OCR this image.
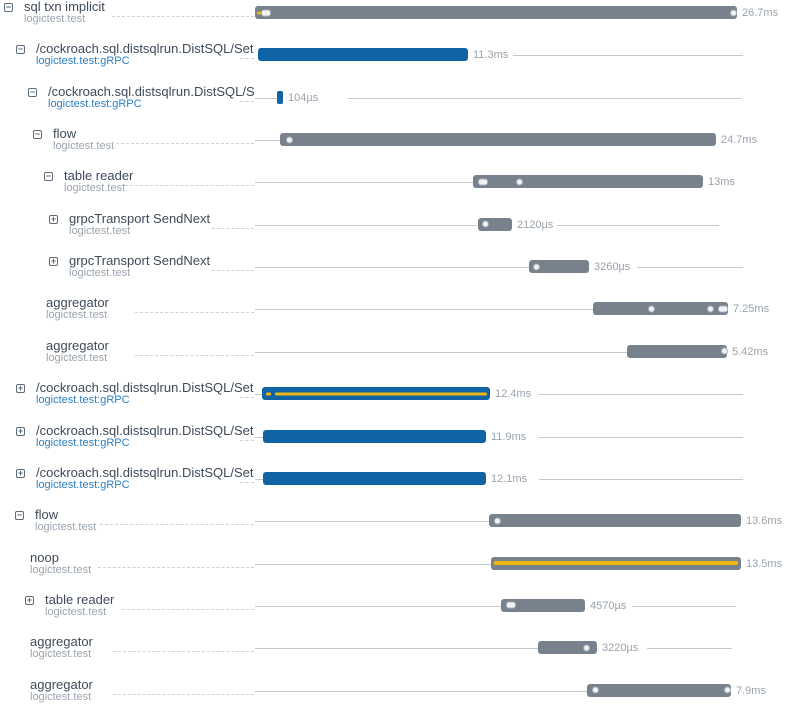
− sql txn implicit
logictest.test	26.7ms
− /cockroach.sql.distsqlrun.DistSQL/Set
logictest.test:gRPC	11.3ms
− /cockroach.sql.distsqlrun.DistSQL/S
logictest.test:gRPC	104µs
− flow
logictest.test	24.7ms
− table reader
logictest.test	13ms
+ grpcTransport SendNext
logictest.test	2120µs
+ grpcTransport SendNext
logictest.test	3260µs
aggregator
logictest.test	7.25ms
aggregator
logictest.test	5.42ms
+ /cockroach.sql.distsqlrun.DistSQL/Set
logictest.test:gRPC	12.4ms
+ /cockroach.sql.distsqlrun.DistSQL/Set
logictest.test:gRPC	11.9ms
+ /cockroach.sql.distsqlrun.DistSQL/Set
logictest.test:gRPC	12.1ms
− flow
logictest.test	13.6ms
noop
logictest.test	13.5ms
+ table reader
logictest.test	4570µs
aggregator
logictest.test	3220µs
aggregator
logictest.test	7.9ms
